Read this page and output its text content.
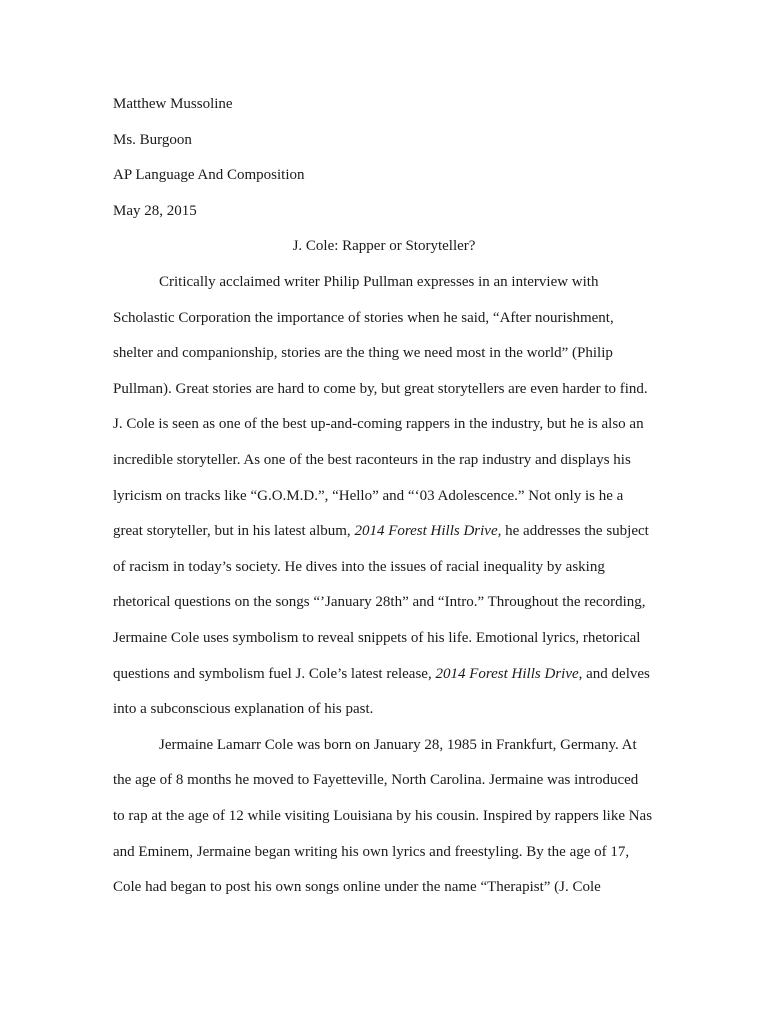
Matthew Mussoline
Ms. Burgoon
AP Language And Composition
May 28, 2015
J. Cole: Rapper or Storyteller?
Critically acclaimed writer Philip Pullman expresses in an interview with
Scholastic Corporation the importance of stories when he said, “After nourishment,
shelter and companionship, stories are the thing we need most in the world” (Philip
Pullman). Great stories are hard to come by, but great storytellers are even harder to find.
J. Cole is seen as one of the best up-and-coming rappers in the industry, but he is also an
incredible storyteller. As one of the best raconteurs in the rap industry and displays his
lyricism on tracks like “G.O.M.D.”, “Hello” and “‘03 Adolescence.” Not only is he a
great storyteller, but in his latest album, 2014 Forest Hills Drive, he addresses the subject
of racism in today’s society. He dives into the issues of racial inequality by asking
rhetorical questions on the songs “’January 28th” and “Intro.” Throughout the recording,
Jermaine Cole uses symbolism to reveal snippets of his life. Emotional lyrics, rhetorical
questions and symbolism fuel J. Cole’s latest release, 2014 Forest Hills Drive, and delves
into a subconscious explanation of his past.
Jermaine Lamarr Cole was born on January 28, 1985 in Frankfurt, Germany. At
the age of 8 months he moved to Fayetteville, North Carolina. Jermaine was introduced
to rap at the age of 12 while visiting Louisiana by his cousin. Inspired by rappers like Nas
and Eminem, Jermaine began writing his own lyrics and freestyling. By the age of 17,
Cole had began to post his own songs online under the name “Therapist” (J. Cole
